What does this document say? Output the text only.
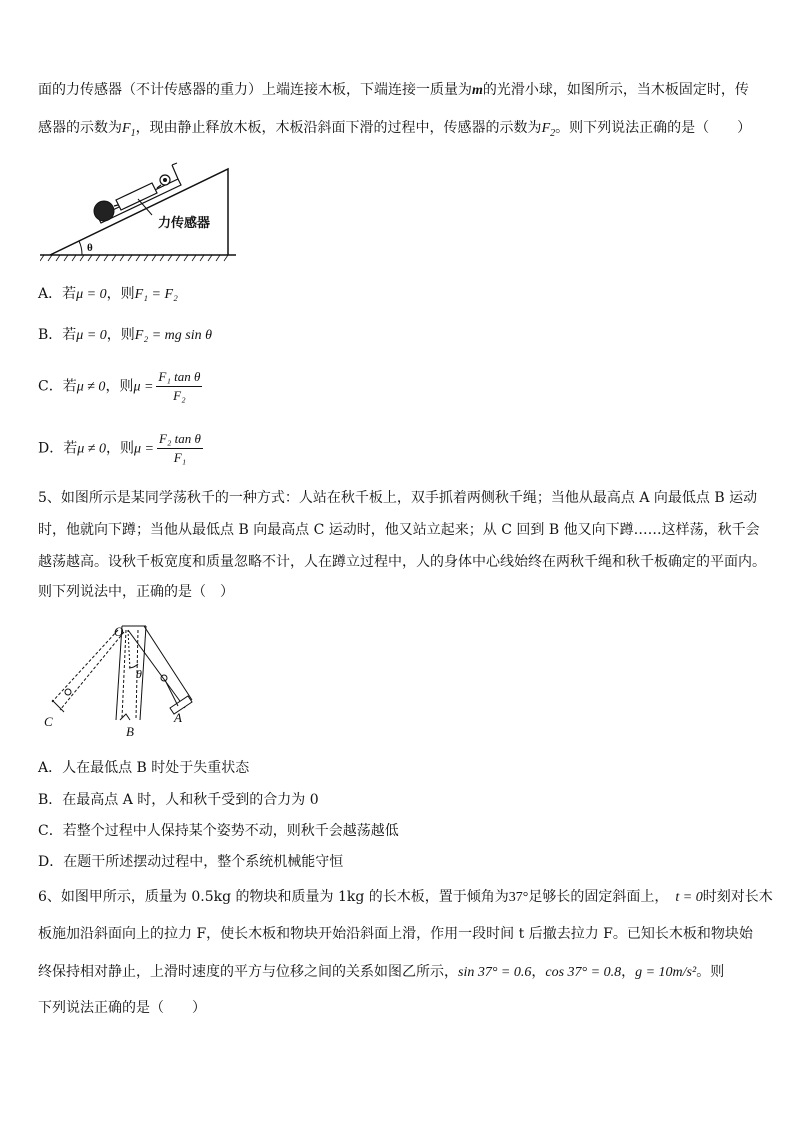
面的力传感器（不计传感器的重力）上端连接木板，下端连接一质量为m的光滑小球，如图所示，当木板固定时，传
感器的示数为$F_1$，现由静止释放木板，木板沿斜面下滑的过程中，传感器的示数为$F_2$。则下列说法正确的是（　　）
力传感器
θ
A．若μ = 0，则F₁ = F₂
B．若μ = 0，则F₂ = mg sin θ
C．若μ ≠ 0，则$\mu = \frac{\text{F₁ tan θ}}{\text{F₂}}$
D．若μ ≠ 0，则$\mu = \frac{\text{F₂ tan θ}}{\text{F₁}}$
5、如图所示是某同学荡秋千的一种方式：人站在秋千板上，双手抓着两侧秋千绳；当他从最高点 A 向最低点 B 运动
时，他就向下蹲；当他从最低点 B 向最高点 C 运动时，他又站立起来；从 C 回到 B 他又向下蹲……这样荡，秋千会
越荡越高。设秋千板宽度和质量忽略不计，人在蹲立过程中，人的身体中心线始终在两秋千绳和秋千板确定的平面内。
则下列说法中，正确的是（　）
O
θ
A
B
C
A．人在最低点 B 时处于失重状态
B．在最高点 A 时，人和秋千受到的合力为 0
C．若整个过程中人保持某个姿势不动，则秋千会越荡越低
D．在题干所述摆动过程中，整个系统机械能守恒
6、如图甲所示，质量为 0.5kg 的物块和质量为 1kg 的长木板，置于倾角为37°足够长的固定斜面上，　 t = 0时刻对长木
板施加沿斜面向上的拉力 F，使长木板和物块开始沿斜面上滑，作用一段时间 t 后撤去拉力 F。已知长木板和物块始
终保持相对静止，上滑时速度的平方与位移之间的关系如图乙所示，sin 37° = 0.6，cos 37° = 0.8，g = 10m/s²。则
下列说法正确的是（　　）
